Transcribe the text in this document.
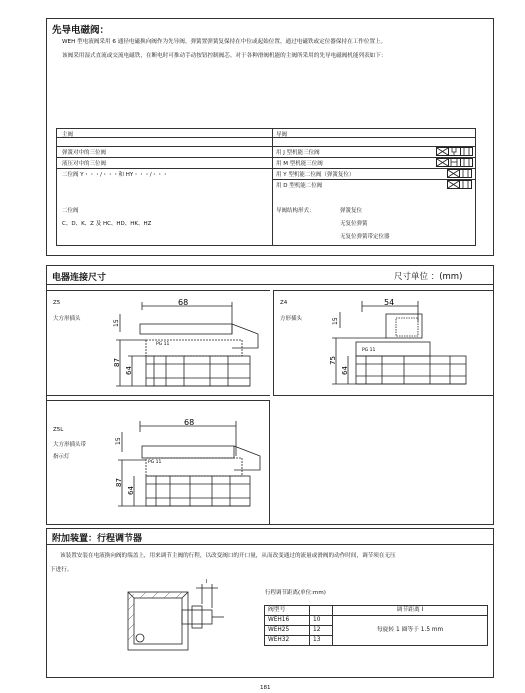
先导电磁阀：
WEH 型电液阀采用 6 通径电磁换向阀作为先导阀。弹簧置弹簧复保持在中位或起始位置，通过电磁铁或定位器保持在工作位置上。
该阀采用湿式直流或交流电磁铁，在断电时可推动手动按钮控制阀芯。对于各种滑阀机能的主阀所采用的先导电磁阀机能列表如下：
主阀	导阀
弹簧对中的三位阀	用 J 型机能三位阀
液压对中的三位阀	用 M 型机能三位阀
二位阀 Y・・・/・・・和 HY・・・/・・・	用 Y 型机能二位阀（弹簧复位）
用 D 型机能二位阀
二位阀
C、D、K、Z 及 HC、HD、HK、HZ
导阀结构形式：	弹簧复位
无复位弹簧
无复位弹簧带定位器
电器连接尺寸	尺寸单位 ：(mm)
Z5
大方形插头
68
15
87
64
PG 11
Z4
方形插头
54
15
75
64
PG 11
Z5L
大方形插头带
指示灯
68
15
87
64
PG 11
附加装置：行程调节器
该装置安装在电液换向阀的端盖上，用来调节主阀的行程，以改变阀口的开口量，从而改变通过的流量或滑阀的动作时间，调节须在无压
下进行。
I
行程调节距离(单位:mm)
阀型号		调节距离 I
WEH16	10	每旋转 1 圈等于 1.5 mm
WEH25	12	
WEH32	13	
181
